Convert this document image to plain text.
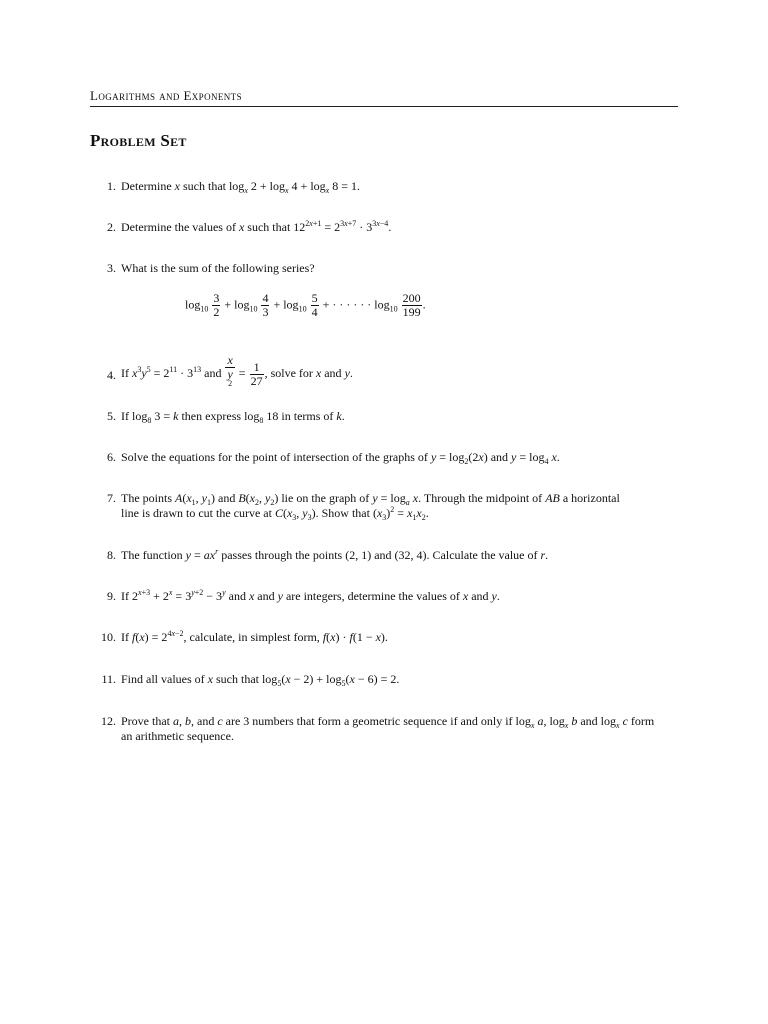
Logarithms and Exponents
Problem Set
1. Determine x such that $\log_x 2 + \log_x 4 + \log_x 8 = 1$.
2. Determine the values of x such that $12^{2x+1} = 2^{3x+7} \cdot 3^{3x-4}$.
3. What is the sum of the following series?
4. If $x^3y^5 = 2^{11} \cdot 3^{13}$ and x
y
$^2 = \frac{1}{27}$ , solve for x and y.
5. If $\log_8 3 = k$ then express $\log_8 18$ in terms of k.
6. Solve the equations for the point of intersection of the graphs of $y = \log_2(2x)$ and $y = \log_4 x$.
7. The points $A(x_1$, $y_1$) and $B(x_2$, $y_2$) lie on the graph of $y = \log_a x$. Through the midpoint of AB a horizontal
line is drawn to cut the curve at $C(x_3$, $y_3$). Show that $(x_3)^2 = x_1x_2$.
8. The function $y = ax^r$ passes through the points (2, 1) and (32, 4). Calculate the value of r.
9. If $2^{x+3} + 2^x = 3^{y+2} - 3^y$ and x and y are integers, determine the values of x and y.
10. If $f(x) = 2^{4x-2}$, calculate, in simplest form, f(x) · f(1 − x).
11. Find all values of x such that $\log_5(x - 2) + \log_5(x - 6) = 2$.
12. Prove that a, b, and c are 3 numbers that form a geometric sequence if and only if $\log_x a$, $\log_x b$ and $\log_x c$ form
an arithmetic sequence.
$\log_{10} \frac{3}{2} + \log_{10} \frac{4}{3} + \log_{10} \frac{5}{4}$ + · · · · · · $\log_{10} \frac{200}{199}$ .
